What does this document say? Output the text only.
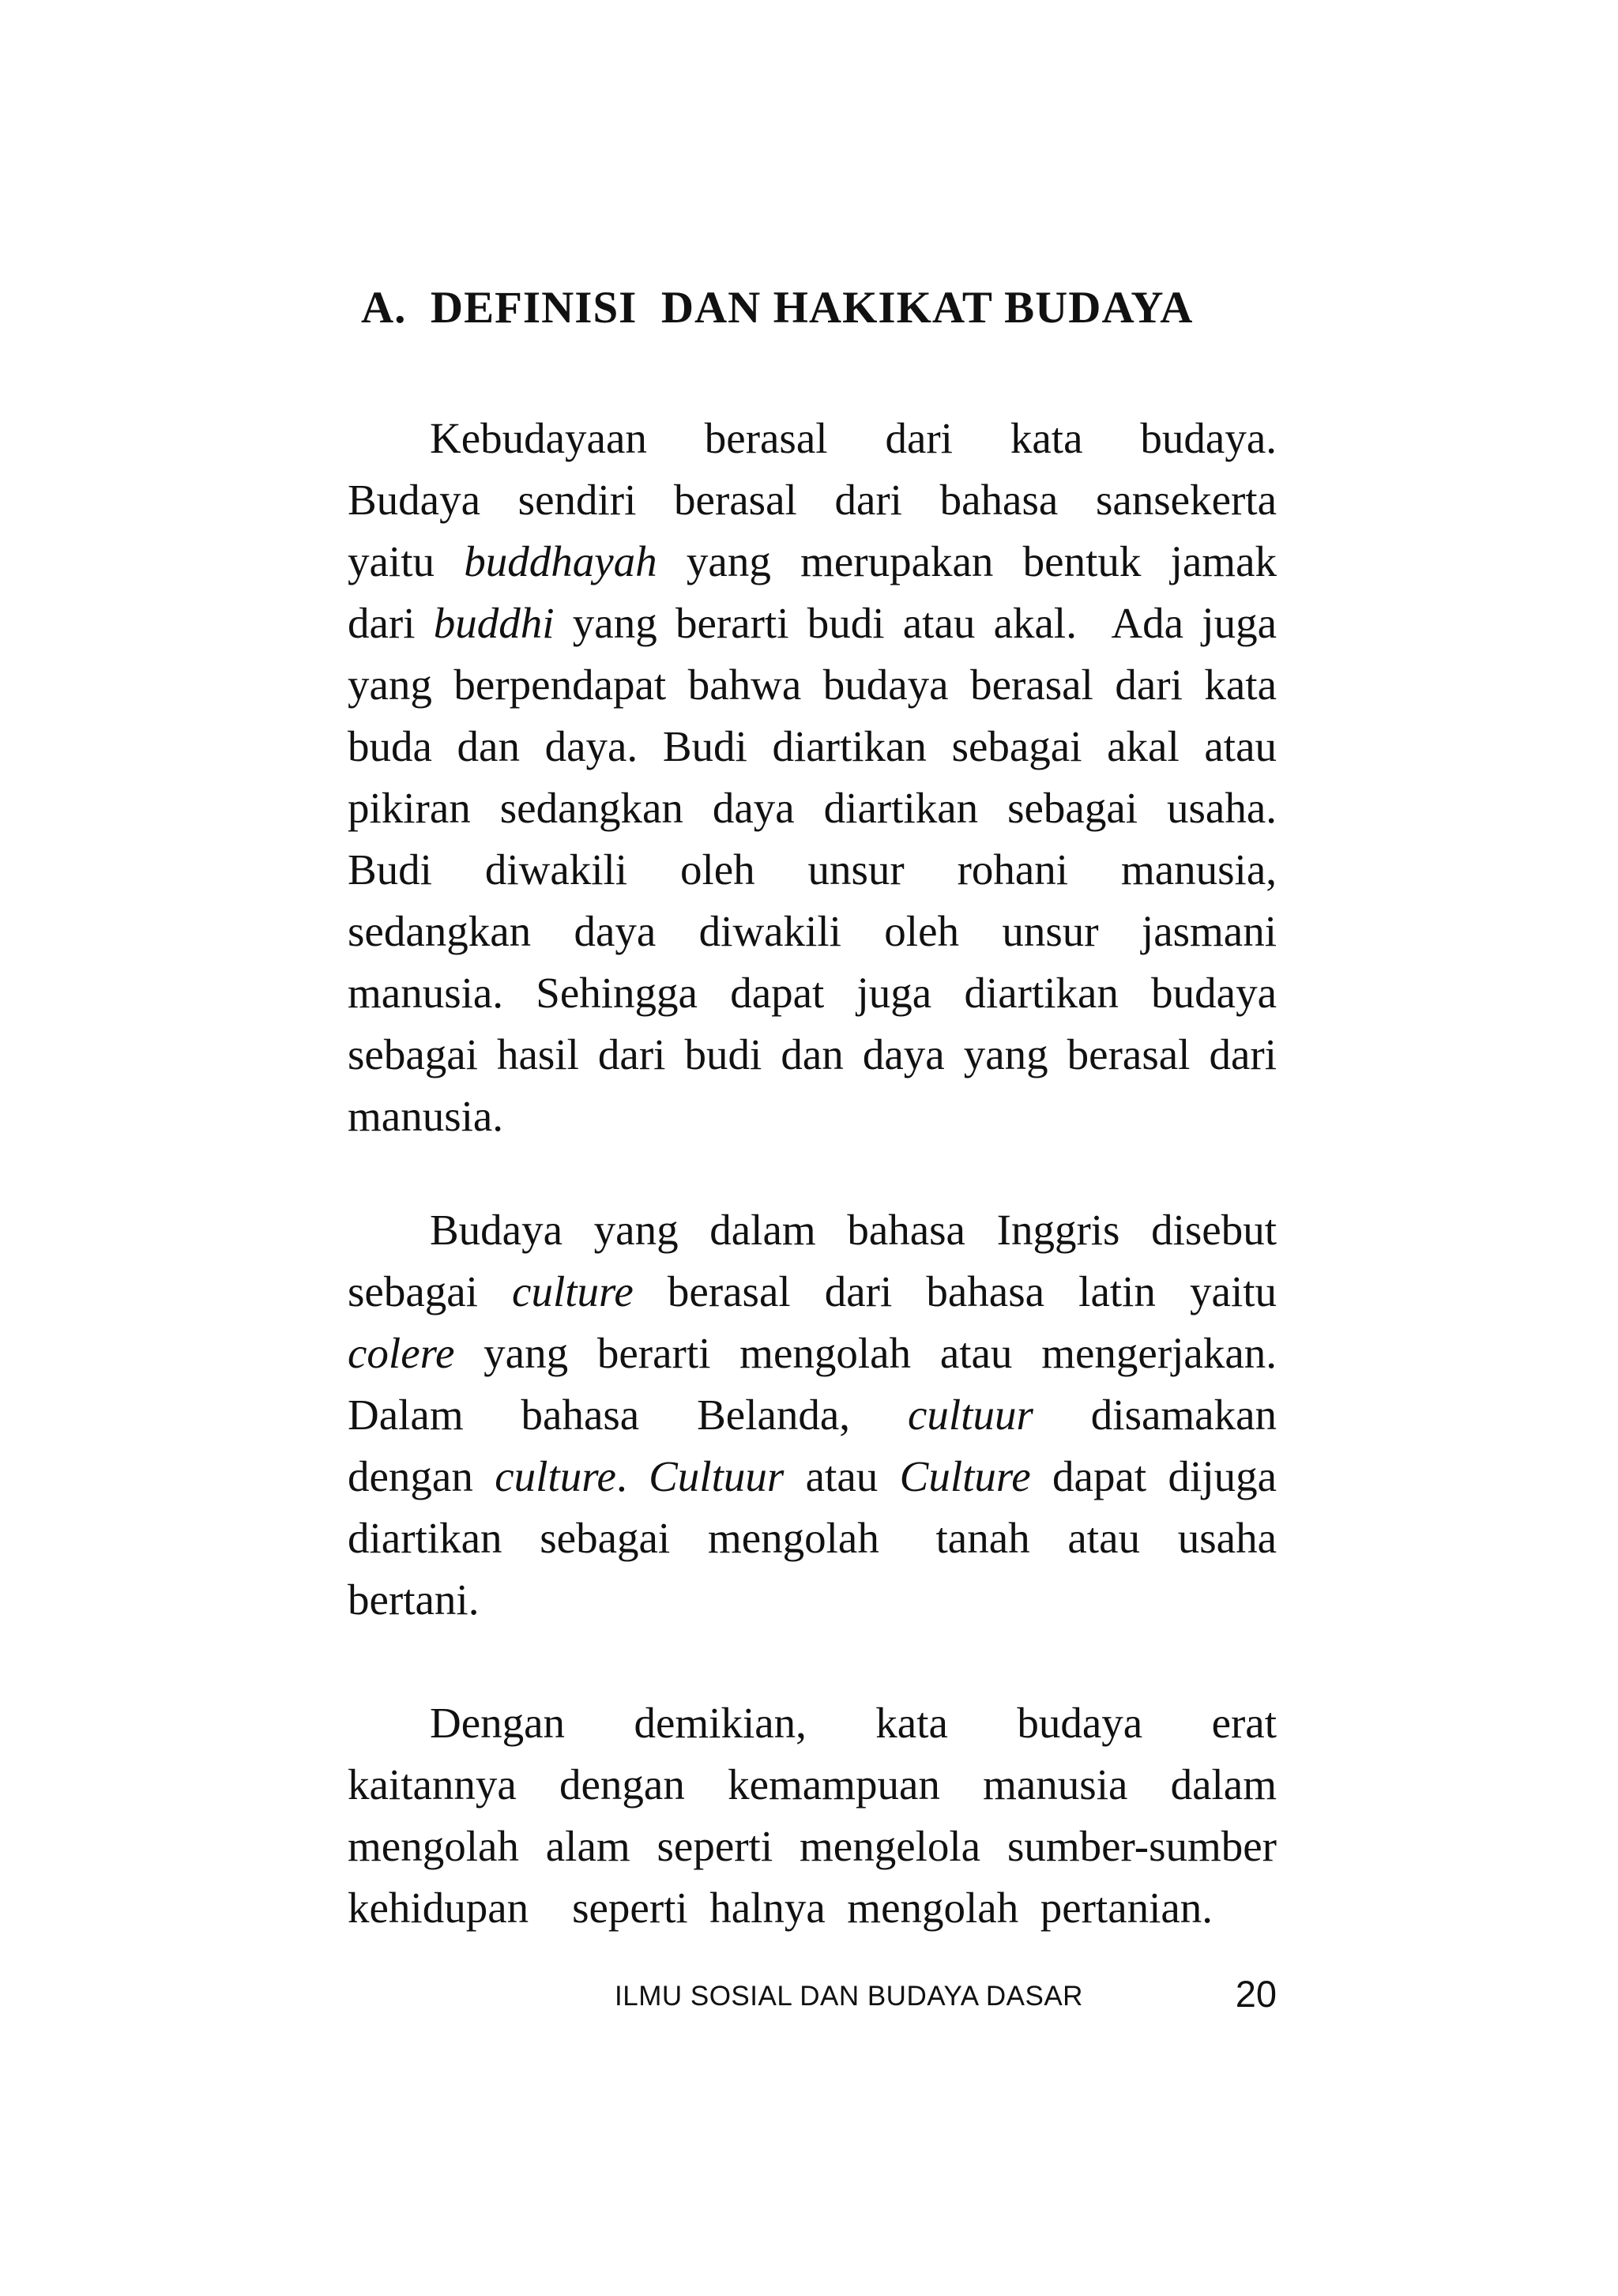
A.  DEFINISI  DAN HAKIKAT BUDAYA
Kebudayaan    berasal    dari    kata    budaya.
Budaya  sendiri  berasal  dari  bahasa  sansekerta
yaitu buddhayah yang merupakan bentuk jamak
dari buddhi yang berarti budi atau akal.  Ada juga
yang berpendapat bahwa budaya berasal dari kata
buda dan daya. Budi diartikan sebagai akal atau
pikiran sedangkan daya diartikan sebagai usaha.
Budi    diwakili    oleh    unsur    rohani    manusia,
sedangkan  daya  diwakili  oleh  unsur  jasmani
manusia. Sehingga dapat juga diartikan budaya
sebagai hasil dari budi dan daya yang berasal dari
manusia.
Budaya  yang  dalam  bahasa  Inggris  disebut
sebagai culture berasal dari bahasa latin yaitu
colere yang berarti mengolah atau mengerjakan.
Dalam    bahasa    Belanda,    cultuur    disamakan
dengan culture. Cultuur atau Culture dapat dijuga
diartikan  sebagai  mengolah   tanah  atau  usaha
bertani.
Dengan      demikian,      kata      budaya      erat
kaitannya  dengan  kemampuan  manusia  dalam
mengolah alam seperti mengelola sumber-sumber
kehidupan    seperti  halnya  mengolah  pertanian.
ILMU SOSIAL DAN BUDAYA DASAR	20
